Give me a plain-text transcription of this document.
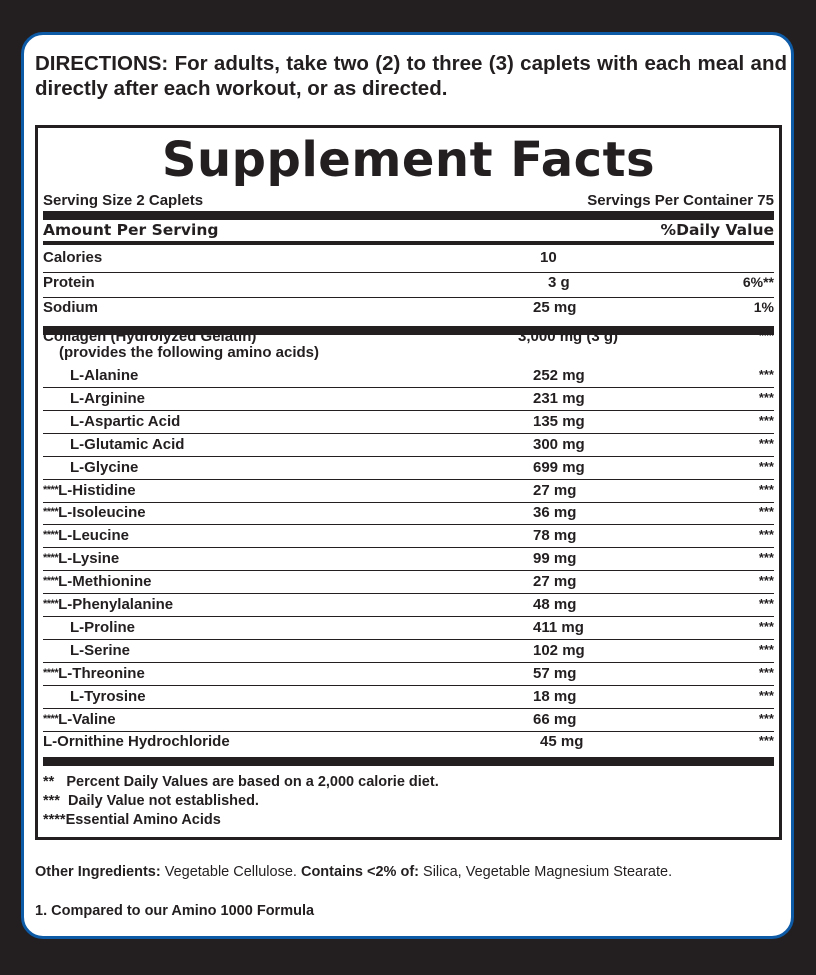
DIRECTIONS: For adults, take two (2) to three (3) caplets with each meal and directly after each workout, or as directed.
Supplement Facts
Serving Size 2 Caplets	Servings Per Container 75
Amount Per Serving	%Daily Value
Calories	10
Protein	3 g	6%**
Sodium	25 mg	1%
Collagen (Hydrolyzed Gelatin)	3,000 mg (3 g)	***
(provides the following amino acids)
L-Alanine	252 mg	***
L-Arginine	231 mg	***
L-Aspartic Acid	135 mg	***
L-Glutamic Acid	300 mg	***
L-Glycine	699 mg	***
****L-Histidine	27 mg	***
****L-Isoleucine	36 mg	***
****L-Leucine	78 mg	***
****L-Lysine	99 mg	***
****L-Methionine	27 mg	***
****L-Phenylalanine	48 mg	***
L-Proline	411 mg	***
L-Serine	102 mg	***
****L-Threonine	57 mg	***
L-Tyrosine	18 mg	***
****L-Valine	66 mg	***
L-Ornithine Hydrochloride	45 mg	***
**   Percent Daily Values are based on a 2,000 calorie diet.
***  Daily Value not established.
****Essential Amino Acids
Other Ingredients: Vegetable Cellulose. Contains <2% of: Silica, Vegetable Magnesium Stearate.
1. Compared to our Amino 1000 Formula
